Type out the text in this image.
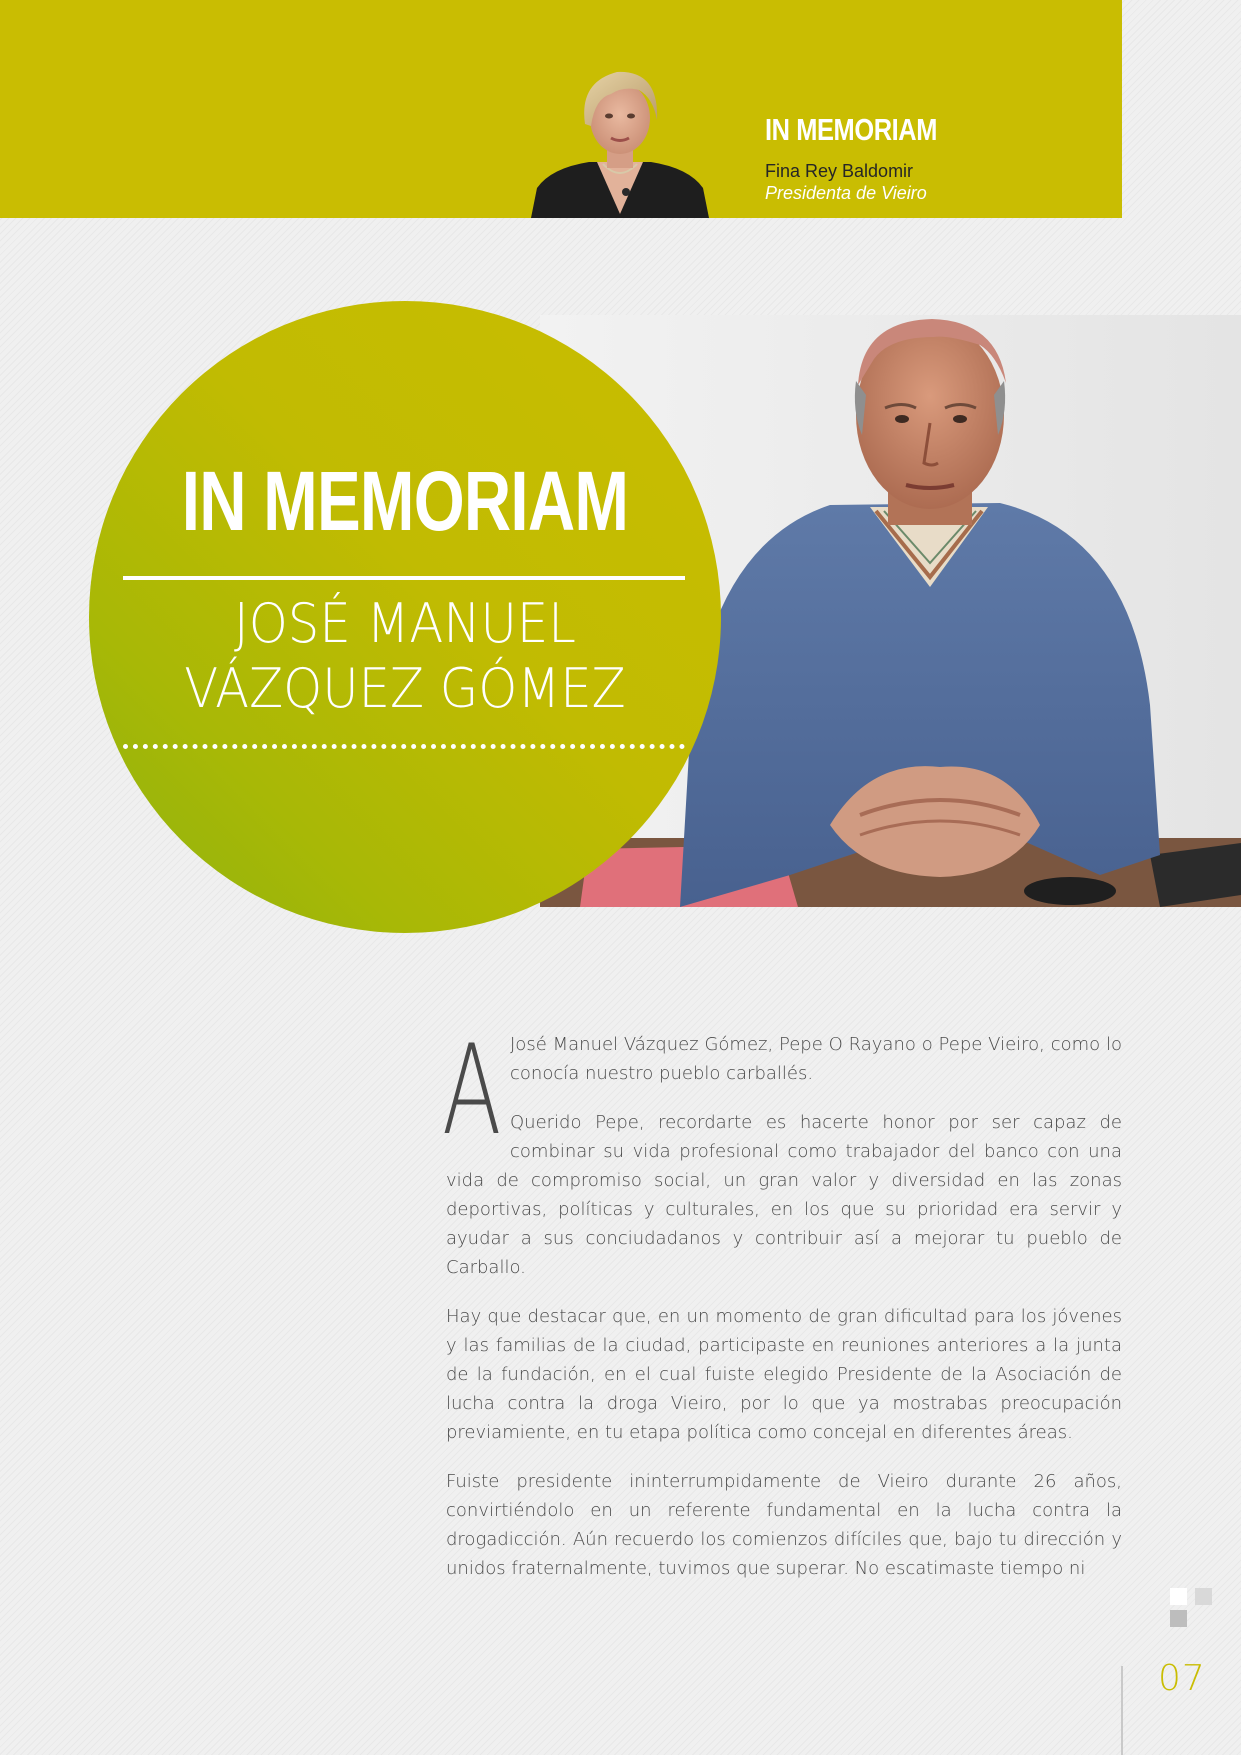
IN MEMORIAM
Fina Rey Baldomir
Presidenta de Vieiro
IN MEMORIAM
JOSÉ MANUEL
VÁZQUEZ GÓMEZ
A José Manuel Vázquez Gómez, Pepe O Rayano o Pepe Vieiro, como lo conocía nuestro pueblo carballés.

Querido Pepe, recordarte es hacerte honor por ser capaz de combinar su vida profesional como trabajador del banco con una vida de compromiso social, un gran valor y diversidad en las zonas deportivas, políticas y culturales, en los que su prioridad era servir y ayudar a sus conciudadanos y contribuir así a mejorar tu pueblo de Carballo.

Hay que destacar que, en un momento de gran dificultad para los jóvenes y las familias de la ciudad, participaste en reuniones anteriores a la junta de la fundación, en el cual fuiste elegido Presidente de la Asociación de lucha contra la droga Vieiro, por lo que ya mostrabas preocupación previamiente, en tu etapa política como concejal en diferentes áreas.

Fuiste presidente ininterrumpidamente de Vieiro durante 26 años, convirtiéndolo en un referente fundamental en la lucha contra la drogadicción. Aún recuerdo los comienzos difíciles que, bajo tu dirección y unidos fraternalmente, tuvimos que superar. No escatimaste tiempo ni

07
